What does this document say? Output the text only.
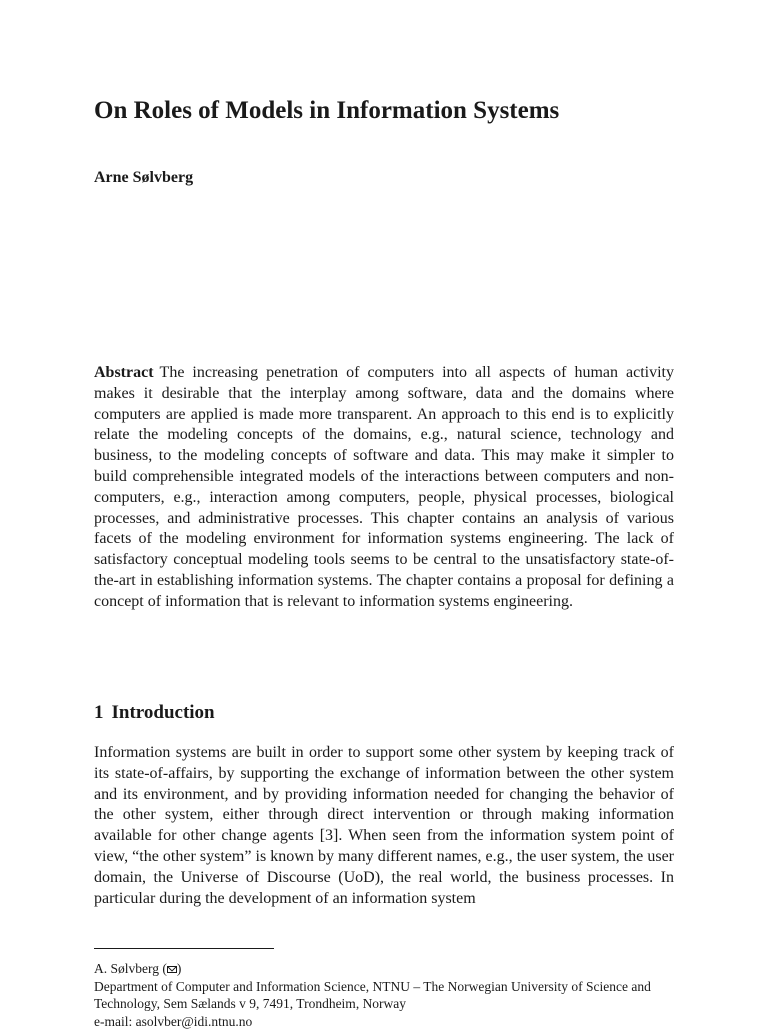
On Roles of Models in Information Systems

Arne Sølvberg

Abstract The increasing penetration of computers into all aspects of human activity makes it desirable that the interplay among software, data and the domains where computers are applied is made more transparent. An approach to this end is to explicitly relate the modeling concepts of the domains, e.g., natural science, technology and business, to the modeling concepts of software and data. This may make it simpler to build comprehensible integrated models of the interactions between computers and non-computers, e.g., interaction among computers, people, physical processes, biological processes, and administrative processes. This chapter contains an analysis of various facets of the modeling environment for information systems engineering. The lack of satisfactory conceptual modeling tools seems to be central to the unsatisfactory state-of-the-art in establishing information systems. The chapter contains a proposal for defining a concept of information that is relevant to information systems engineering.

1 Introduction

Information systems are built in order to support some other system by keeping track of its state-of-affairs, by supporting the exchange of information between the other system and its environment, and by providing information needed for changing the behavior of the other system, either through direct intervention or through making information available for other change agents [3]. When seen from the information system point of view, “the other system” is known by many different names, e.g., the user system, the user domain, the Universe of Discourse (UoD), the real world, the business processes. In particular during the development of an information system

A. Sølvberg ( )

Department of Computer and Information Science, NTNU – The Norwegian University of Science and Technology, Sem Sælands v 9, 7491, Trondheim, Norway

e-mail: asolvber@idi.ntnu.no
